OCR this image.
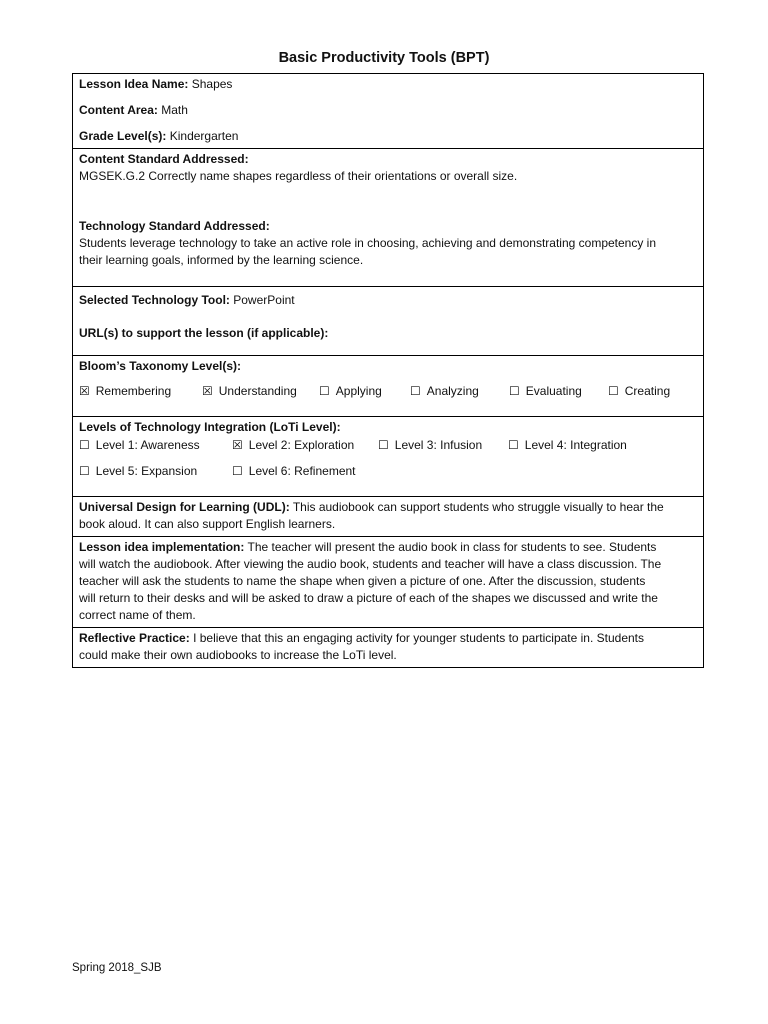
Basic Productivity Tools (BPT)
Lesson Idea Name: Shapes
Content Area: Math
Grade Level(s): Kindergarten

Content Standard Addressed:
MGSEK.G.2 Correctly name shapes regardless of their orientations or overall size.
Technology Standard Addressed:
Students leverage technology to take an active role in choosing, achieving and demonstrating competency in
their learning goals, informed by the learning science.

Selected Technology Tool: PowerPoint
URL(s) to support the lesson (if applicable):

Bloom’s Taxonomy Level(s):
☒ Remembering	☒ Understanding ☐ Applying ☐ Analyzing	☐ Evaluating ☐ Creating

Levels of Technology Integration (LoTi Level):
☐ Level 1: Awareness	☒ Level 2: Exploration ☐ Level 3: Infusion ☐ Level 4: Integration
☐ Level 5: Expansion	☐ Level 6: Refinement

Universal Design for Learning (UDL): This audiobook can support students who struggle visually to hear the
book aloud. It can also support English learners.

Lesson idea implementation: The teacher will present the audio book in class for students to see. Students
will watch the audiobook. After viewing the audio book, students and teacher will have a class discussion. The
teacher will ask the students to name the shape when given a picture of one. After the discussion, students
will return to their desks and will be asked to draw a picture of each of the shapes we discussed and write the
correct name of them.

Reflective Practice: I believe that this an engaging activity for younger students to participate in. Students
could make their own audiobooks to increase the LoTi level.
Spring 2018_SJB
